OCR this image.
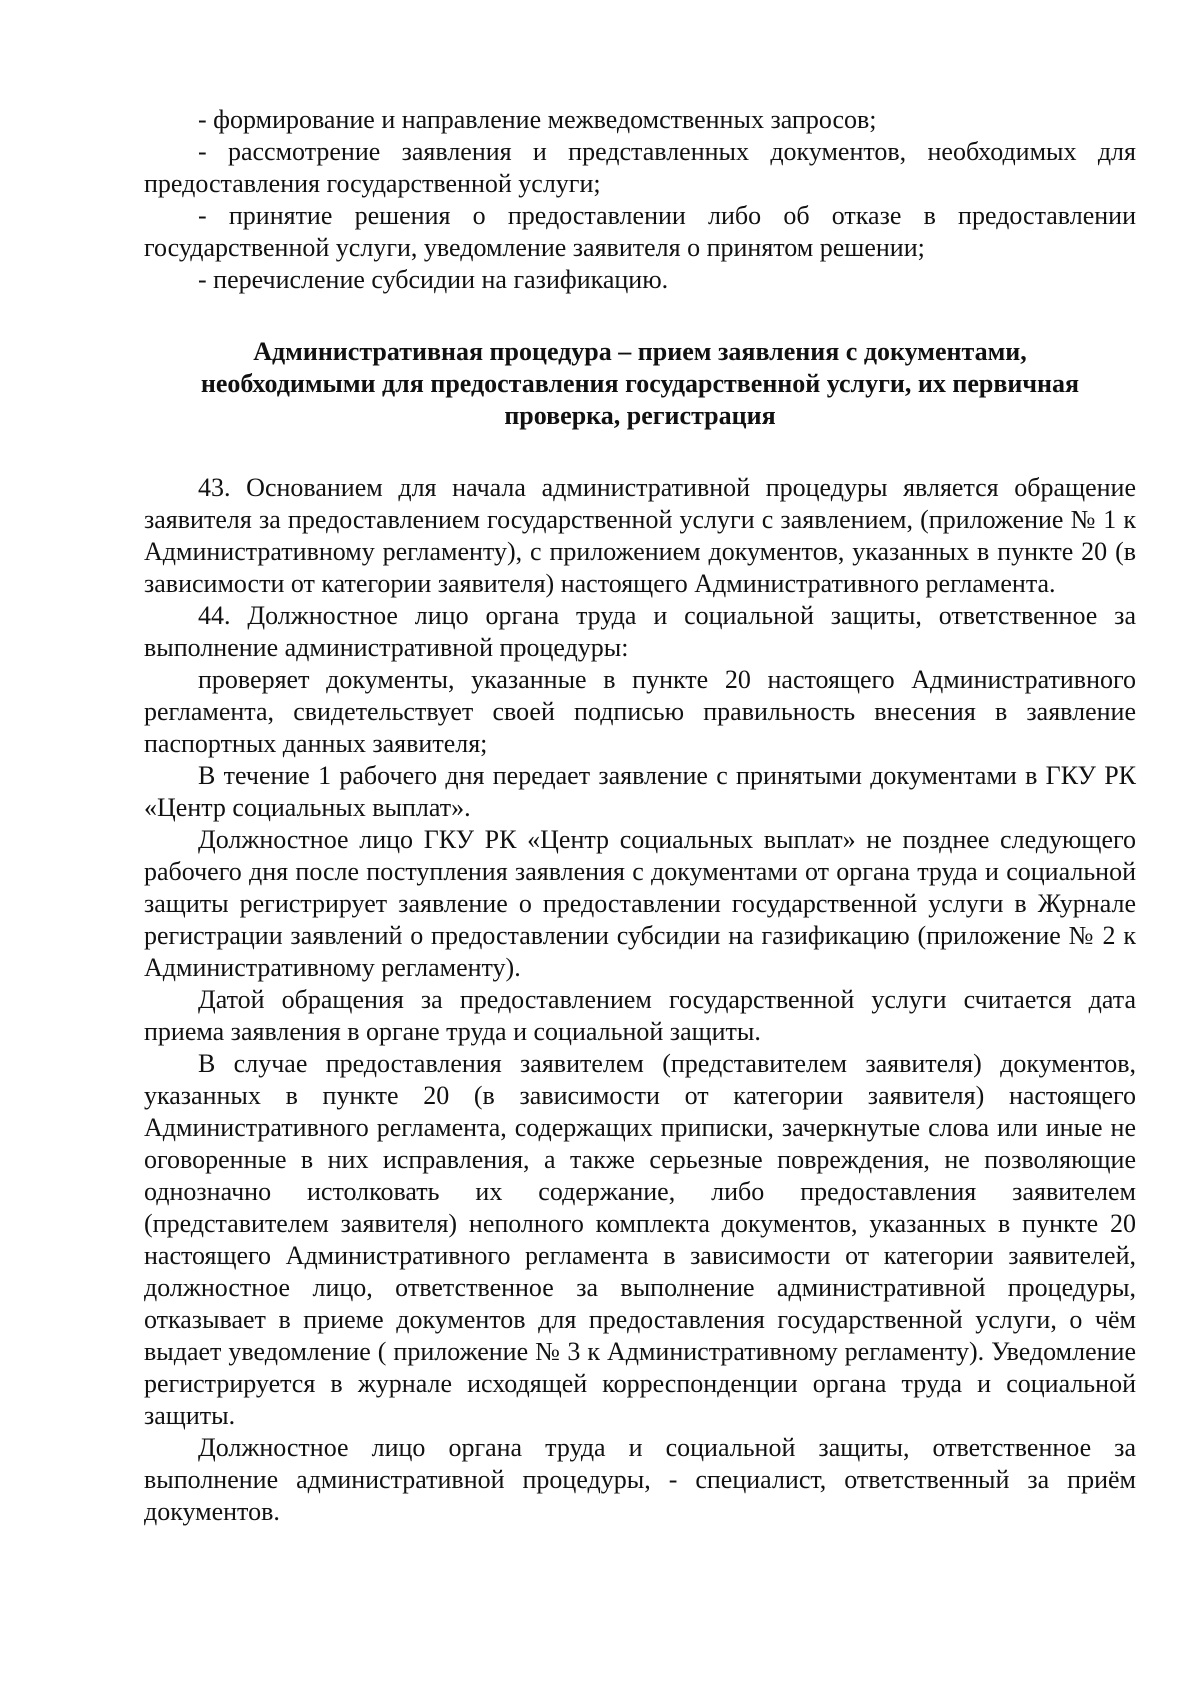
- формирование и направление межведомственных запросов;

- рассмотрение заявления и представленных документов, необходимых для предоставления государственной услуги;

- принятие решения о предоставлении либо об отказе в предоставлении государственной услуги, уведомление заявителя о принятом решении;

- перечисление субсидии на газификацию.

Административная процедура – прием заявления с документами,
необходимыми для предоставления государственной услуги, их первичная
проверка, регистрация

43. Основанием для начала административной процедуры является обращение заявителя за предоставлением государственной услуги с заявлением, (приложение № 1 к Административному регламенту), с приложением документов, указанных в пункте 20 (в зависимости от категории заявителя) настоящего Административного регламента.

44. Должностное лицо органа труда и социальной защиты, ответственное за выполнение административной процедуры:

проверяет документы, указанные в пункте 20 настоящего Административного регламента, свидетельствует своей подписью правильность внесения в заявление паспортных данных заявителя;

В течение 1 рабочего дня передает заявление с принятыми документами в ГКУ РК «Центр социальных выплат».

Должностное лицо ГКУ РК «Центр социальных выплат» не позднее следующего рабочего дня после поступления заявления с документами от органа труда и социальной защиты регистрирует заявление о предоставлении государственной услуги в Журнале регистрации заявлений о предоставлении субсидии на газификацию (приложение № 2 к Административному регламенту).

Датой обращения за предоставлением государственной услуги считается дата приема заявления в органе труда и социальной защиты.

В случае предоставления заявителем (представителем заявителя) документов, указанных в пункте 20 (в зависимости от категории заявителя) настоящего Административного регламента, содержащих приписки, зачеркнутые слова или иные не оговоренные в них исправления, а также серьезные повреждения, не позволяющие однозначно истолковать их содержание, либо предоставления заявителем (представителем заявителя) неполного комплекта документов, указанных в пункте 20 настоящего Административного регламента в зависимости от категории заявителей, должностное лицо, ответственное за выполнение административной процедуры, отказывает в приеме документов для предоставления государственной услуги, о чём выдает уведомление ( приложение № 3 к Административному регламенту). Уведомление регистрируется в журнале исходящей корреспонденции органа труда и социальной защиты.

Должностное лицо органа труда и социальной защиты, ответственное за выполнение административной процедуры, - специалист, ответственный за приём документов.
